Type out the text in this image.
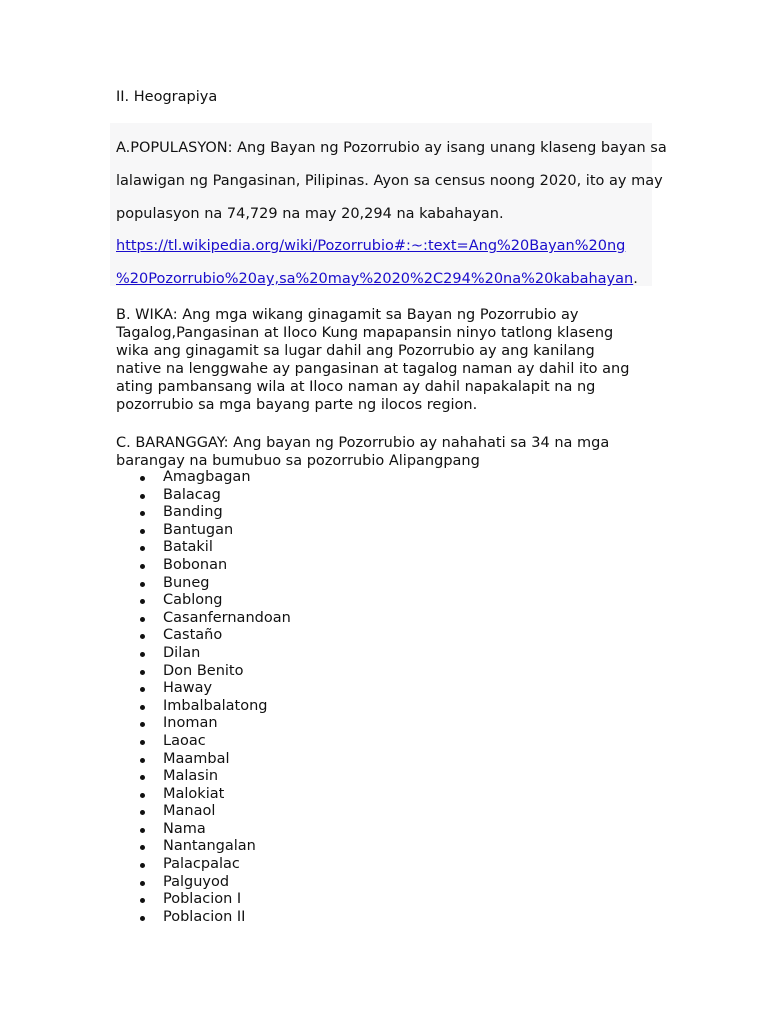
II. Heograpiya
A.POPULASYON: Ang Bayan ng Pozorrubio ay isang unang klaseng bayan sa
lalawigan ng Pangasinan, Pilipinas. Ayon sa census noong 2020, ito ay may
populasyon na 74,729 na may 20,294 na kabahayan.
https://tl.wikipedia.org/wiki/Pozorrubio#:~:text=Ang%20Bayan%20ng
%20Pozorrubio%20ay,sa%20may%2020%2C294%20na%20kabahayan.
B. WIKA: Ang mga wikang ginagamit sa Bayan ng Pozorrubio ay Tagalog,Pangasinan at Iloco Kung mapapansin ninyo tatlong klaseng wika ang ginagamit sa lugar dahil ang Pozorrubio ay ang kanilang native na lenggwahe ay pangasinan at tagalog naman ay dahil ito ang ating pambansang wila at Iloco naman ay dahil napakalapit na ng pozorrubio sa mga bayang parte ng ilocos region.
C. BARANGGAY: Ang bayan ng Pozorrubio ay nahahati sa 34 na mga
barangay na bumubuo sa pozorrubio Alipangpang
Amagbagan
Balacag
Banding
Bantugan
Batakil
Bobonan
Buneg
Cablong
Casanfernandoan
Castaño
Dilan
Don Benito
Haway
Imbalbalatong
Inoman
Laoac
Maambal
Malasin
Malokiat
Manaol
Nama
Nantangalan
Palacpalac
Palguyod
Poblacion I
Poblacion II
